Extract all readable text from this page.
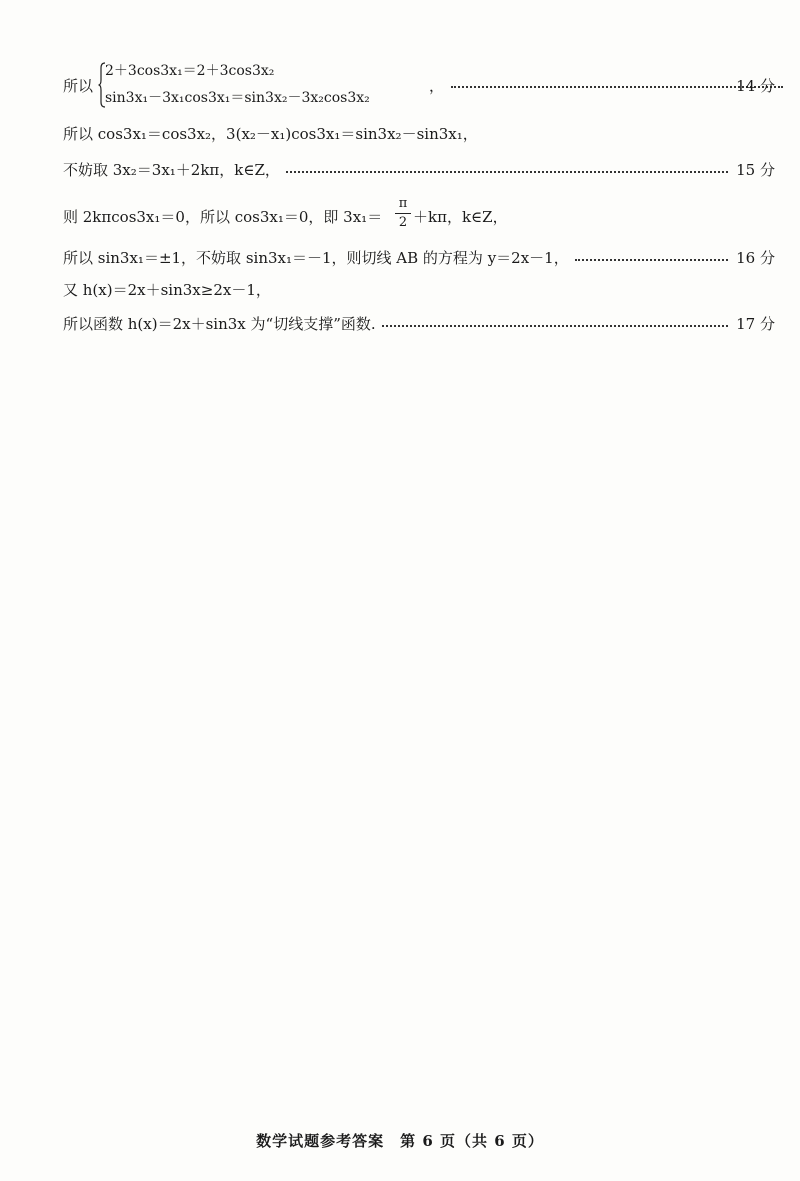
所以
2＋3cos3x₁＝2＋3cos3x₂
sin3x₁－3x₁cos3x₁＝sin3x₂－3x₂cos3x₂
，	14 分
所以 cos3x₁＝cos3x₂，3(x₂－x₁)cos3x₁＝sin3x₂－sin3x₁，
不妨取 3x₂＝3x₁＋2kπ，k∈Z，	15 分
则 2kπcos3x₁＝0，所以 cos3x₁＝0，即 3x₁＝
π
2 ＋kπ，k∈Z，
所以 sin3x₁＝±1，不妨取 sin3x₁＝－1，则切线 AB 的方程为 y＝2x－1，	16 分
又 h(x)＝2x＋sin3x≥2x－1，
所以函数 h(x)＝2x＋sin3x 为“切线支撑”函数.	17 分
数学试题参考答案　第 6 页（共 6 页）
